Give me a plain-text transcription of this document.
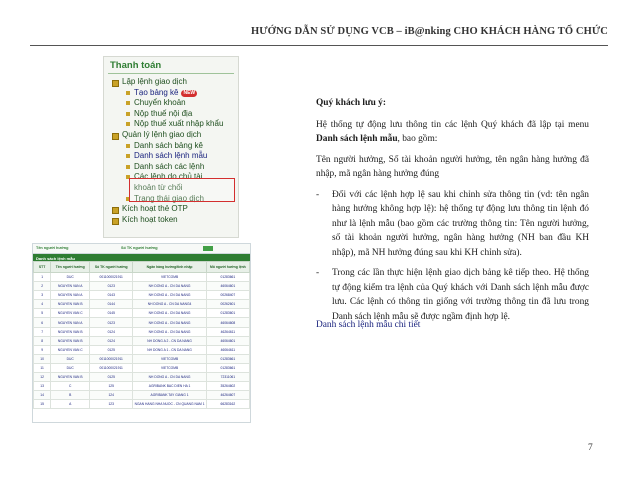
HƯỚNG DẪN SỬ DỤNG VCB – iB@nking CHO KHÁCH HÀNG TỔ CHỨC
Thanh toán
Lập lệnh giao dịch
Tạo bảng kê NEW
Chuyển khoản
Nộp thuế nội địa
Nộp thuế xuất nhập khẩu
Quản lý lệnh giao dịch
Danh sách bảng kê
Danh sách lệnh mẫu
Danh sách các lệnh
Các lệnh do chủ tài
khoản từ chối
Trạng thái giao dịch
Kích hoạt thẻ OTP
Kích hoạt token
Tên người hưởng	Số TK người hưởng
Danh sách lệnh mẫu
STT	Tên người hưởng	Số TK người hưởng	Ngân hàng hưởng/tỉnh nhập	Mô người hưởng lệnh
1	DUC	0011000021911	VIETCOMB	01283661
2	NGUYEN VAN A	0123	NH DONG A - CN DA NANG	46064601
3	NGUYEN VAN A	0143	NH DONG A - CN DA NANG	00268407
4	NGUYEN VAN B	0144	NH DONG A - CN DA NANG4	00262601
5	NGUYEN VAN C	0145	NH DONG A - CN DA NANG	01283601
6	NGUYEN VAN A	0123	NH DONG A - CN DA NANG	46064608
7	NGUYEN VAN B	0124	NH DONG A - CN DA NANG	46264611
8	NGUYEN VAN B	0124	NH DONG A 2 - CN DA NANG	46064601
9	NGUYEN VAN C	0125	NH DONG A 1 - CN DA NANG	46064611
10	DUC	0011000021911	VIETCOMB	01283661
11	DUC	0011000021911	VIETCOMB	01283661
12	NGUYEN VAN B	0125	NH DONG A - CN DA NANG	72311061
13	C	125	AGRIBANK BAC DIEN HA 1	35264602
14	B	124	AGRIBANK TAY GIANG 1	46264607
15	A	123	NGAN HANG NHA NUOC - CN QUANG NAM 1	66283162

Quý khách lưu ý:

Hệ thống tự động lưu thông tin các lệnh Quý khách đã lập tại menu Danh sách lệnh mẫu, bao gồm:

Tên người hưởng, Số tài khoản người hưởng, tên ngân hàng hưởng đã nhập, mã ngân hàng hưởng đúng

- Đối với các lệnh hợp lệ sau khi chỉnh sửa thông tin (vd: tên ngân hàng hưởng không hợp lệ): hệ thống tự động lưu thông tin lệnh đó như là lệnh mẫu (bao gồm các trường thông tin: Tên người hưởng, số tài khoản người hưởng, ngân hàng hưởng (NH ban đầu KH nhập), mã NH hưởng đúng sau khi KH chỉnh sửa).
- Trong các lần thực hiện lệnh giao dịch bảng kê tiếp theo. Hệ thống tự động kiểm tra lệnh của Quý khách với Danh sách lệnh mẫu được lưu. Các lệnh có thông tin giống với trường thông tin đã lưu trong Danh sách lệnh mẫu sẽ được ngầm định hợp lệ.
Danh sách lệnh mẫu chi tiết
7
